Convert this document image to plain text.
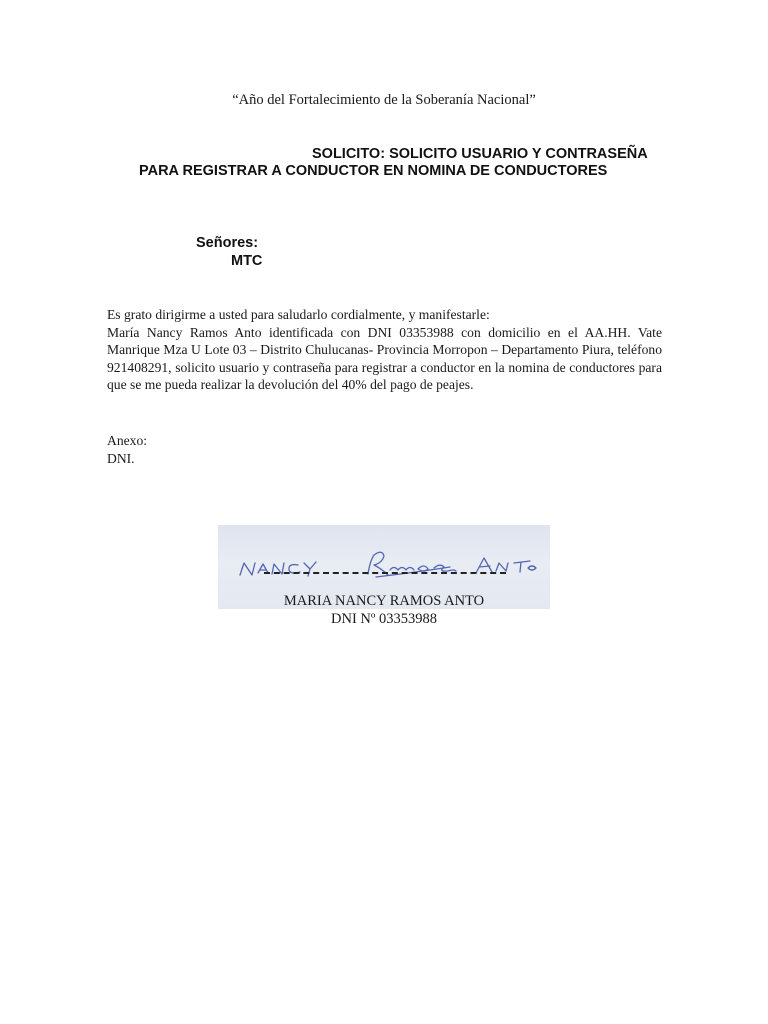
“Año del Fortalecimiento de la Soberanía Nacional”
SOLICITO: SOLICITO USUARIO Y CONTRASEÑA
PARA REGISTRAR A CONDUCTOR EN NOMINA DE CONDUCTORES
Señores:
MTC
Es grato dirigirme a usted para saludarlo cordialmente, y manifestarle:
María Nancy Ramos Anto identificada con DNI 03353988 con domicilio en el AA.HH. Vate Manrique Mza U Lote 03 – Distrito Chulucanas- Provincia Morropon – Departamento Piura, teléfono 921408291, solicito usuario y contraseña para registrar a conductor en la nomina de conductores para que se me pueda realizar la devolución del 40% del pago de peajes.
Anexo:
DNI.
MARIA NANCY RAMOS ANTO
DNI Nº 03353988
